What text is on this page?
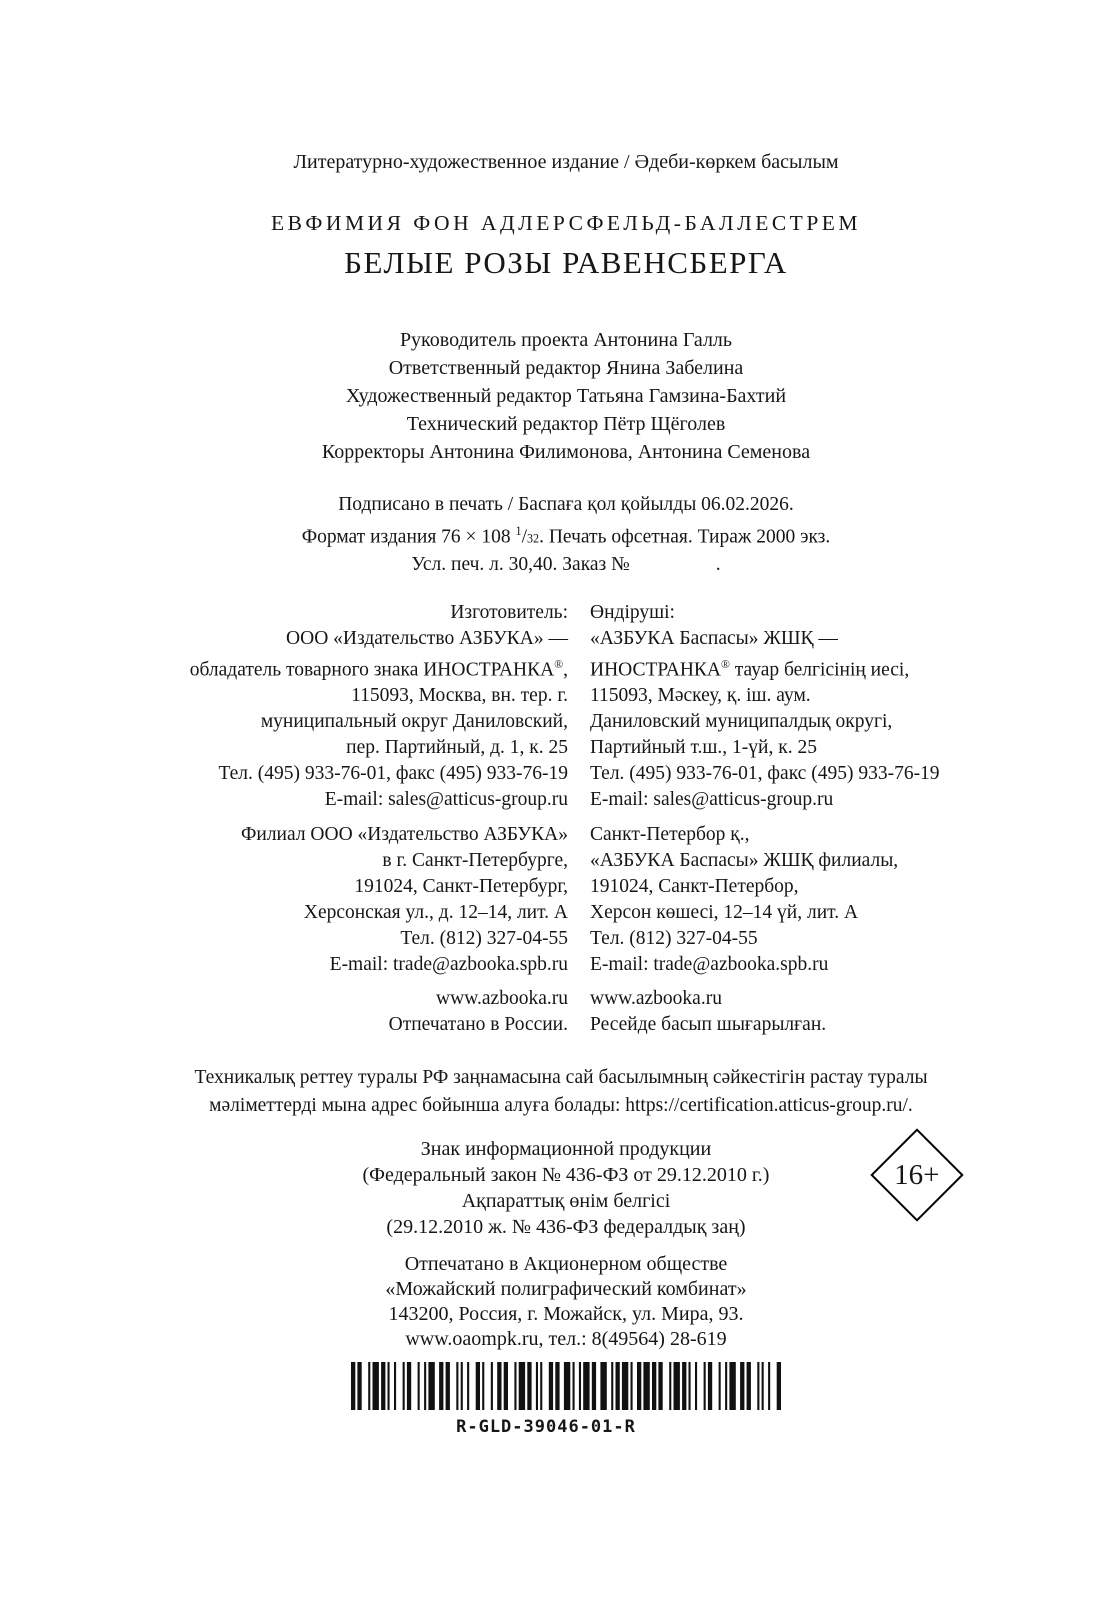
Литературно-художественное издание / Әдеби-көркем басылым
ЕВФИМИЯ ФОН АДЛЕРСФЕЛЬД-БАЛЛЕСТРЕМ
БЕЛЫЕ РОЗЫ РАВЕНСБЕРГА
Руководитель проекта Антонина Галль
Ответственный редактор Янина Забелина
Художественный редактор Татьяна Гамзина-Бахтий
Технический редактор Пётр Щёголев
Корректоры Антонина Филимонова, Антонина Семенова
Подписано в печать / Баспаға қол қойылды 06.02.2026.
Формат издания 76 × 108 $^1$/32. Печать офсетная. Тираж 2000 экз.
Усл. печ. л. 30,40. Заказ №	.
Изготовитель:
ООО «Издательство АЗБУКА» —
обладатель товарного знака ИНОСТРАНКА®,
115093, Москва, вн. тер. г.
муниципальный округ Даниловский,
пер. Партийный, д. 1, к. 25
Тел. (495) 933-76-01, факс (495) 933-76-19
E-mail: sales@atticus-group.ru
Филиал ООО «Издательство АЗБУКА»
в г. Санкт-Петербурге,
191024, Санкт-Петербург,
Херсонская ул., д. 12–14, лит. А
Тел. (812) 327-04-55
E-mail: trade@azbooka.spb.ru
www.azbooka.ru
Отпечатано в России.
Өндіруші:
«АЗБУКА Баспасы» ЖШҚ —
ИНОСТРАНКА® тауар белгісінің иесі,
115093, Мәскеу, қ. іш. аум.
Даниловский муниципалдық округі,
Партийный т.ш., 1-үй, к. 25
Тел. (495) 933-76-01, факс (495) 933-76-19
E-mail: sales@atticus-group.ru
Санкт-Петербор қ.,
«АЗБУКА Баспасы» ЖШҚ филиалы,
191024, Санкт-Петербор,
Херсон көшесі, 12–14 үй, лит. А
Тел. (812) 327-04-55
E-mail: trade@azbooka.spb.ru
www.azbooka.ru
Ресейде басып шығарылған.
Техникалық реттеу туралы РФ заңнамасына сай басылымның сәйкестігін растау туралы
мәліметтерді мына адрес бойынша алуға болады: https://certification.atticus-group.ru/.
Знак информационной продукции
(Федеральный закон № 436-ФЗ от 29.12.2010 г.)
Ақпараттық өнім белгісі
(29.12.2010 ж. № 436-ФЗ федералдық заң)
16+
Отпечатано в Акционерном обществе
«Можайский полиграфический комбинат»
143200, Россия, г. Можайск, ул. Мира, 93.
www.oaompk.ru, тел.: 8(49564) 28-619
R-GLD-39046-01-R
